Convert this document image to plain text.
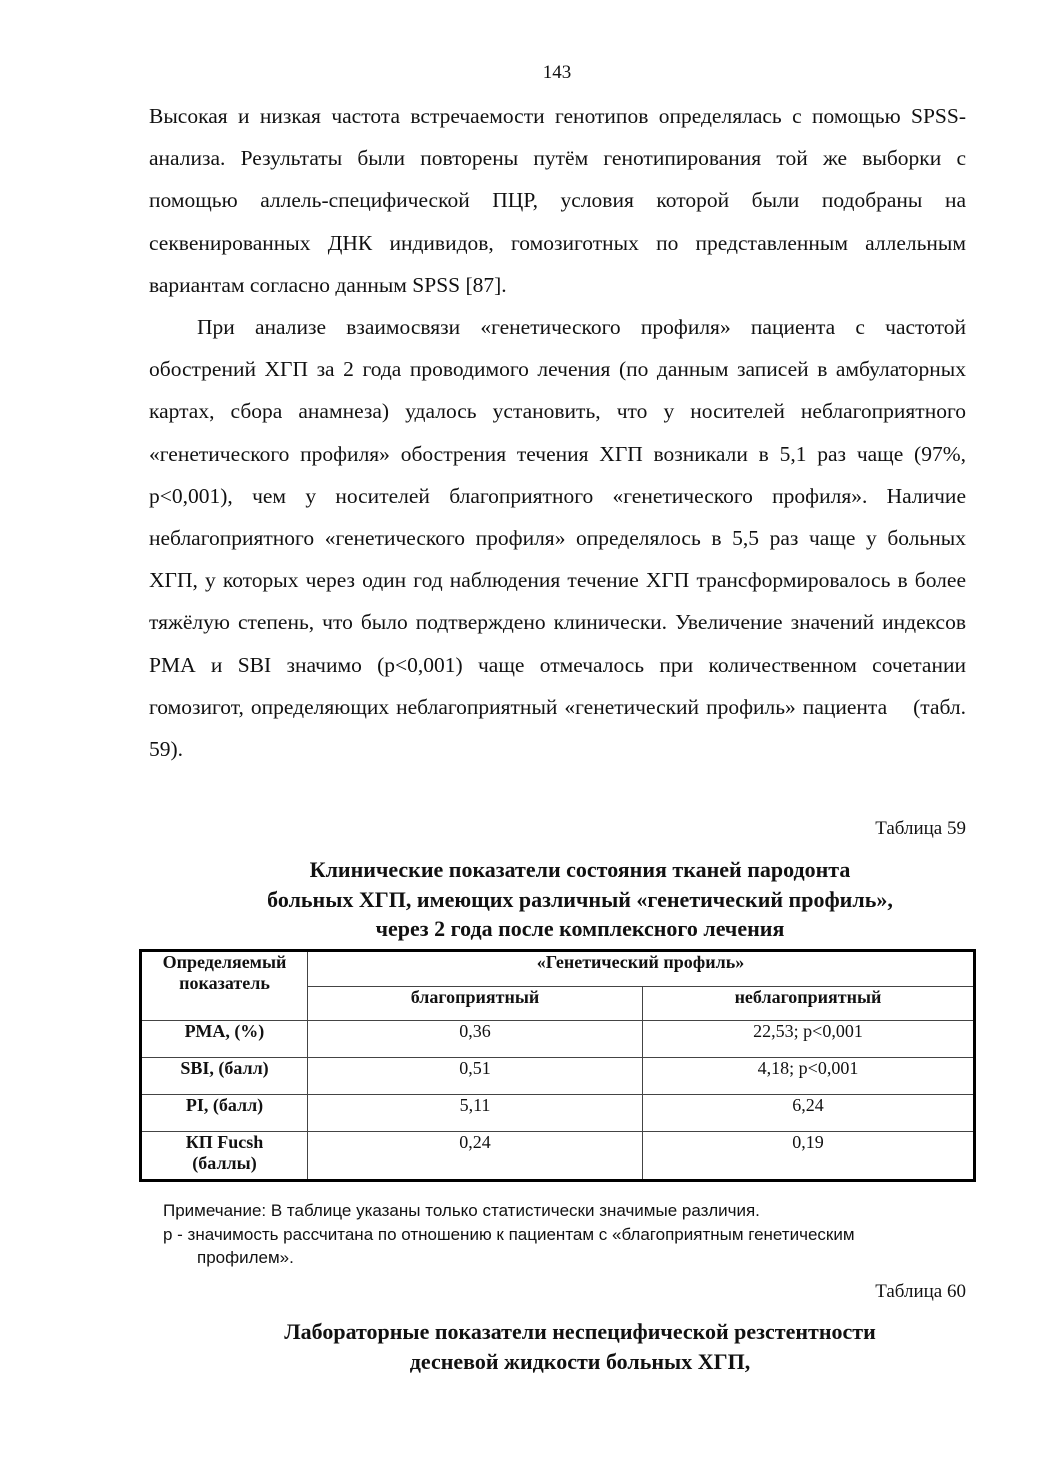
143

Высокая и низкая частота встречаемости генотипов определялась с помощью SPSS-анализа. Результаты были повторены путём генотипирования той же выборки с помощью аллель-специфической ПЦР, условия которой были подобраны на секвенированных ДНК индивидов, гомозиготных по представленным аллельным вариантам согласно данным SPSS [87].

При анализе взаимосвязи «генетического профиля» пациента с частотой обострений ХГП за 2 года проводимого лечения (по данным записей в амбулаторных картах, сбора анамнеза) удалось установить, что у носителей неблагоприятного «генетического профиля» обострения течения ХГП возникали в 5,1 раз чаще (97%, р<0,001), чем у носителей благоприятного «генетического профиля». Наличие неблагоприятного «генетического профиля» определялось в 5,5 раз чаще у больных ХГП, у которых через один год наблюдения течение ХГП трансформировалось в более тяжёлую степень, что было подтверждено клинически. Увеличение значений индексов РМА и SBI значимо (р<0,001) чаще отмечалось при количественном сочетании гомозигот, определяющих неблагоприятный «генетический профиль» пациента (табл. 59).

Таблица 59
Клинические показатели состояния тканей пародонта
больных ХГП, имеющих различный «генетический профиль»,
через 2 года после комплексного лечения
Определяемый
показатель	«Генетический профиль»	
	благоприятный	неблагоприятный
РМА, (%)	0,36	22,53; р<0,001
SBI, (балл)	0,51	4,18; р<0,001
PI, (балл)	5,11	6,24

КП Fucsh
(баллы)	0,24	0,19
Примечание: В таблице указаны только статистически значимые различия.
р - значимость рассчитана по отношению к пациентам с «благоприятным генетическим
профилем».
Таблица 60
Лабораторные показатели неспецифической резстентности
десневой жидкости больных ХГП,
